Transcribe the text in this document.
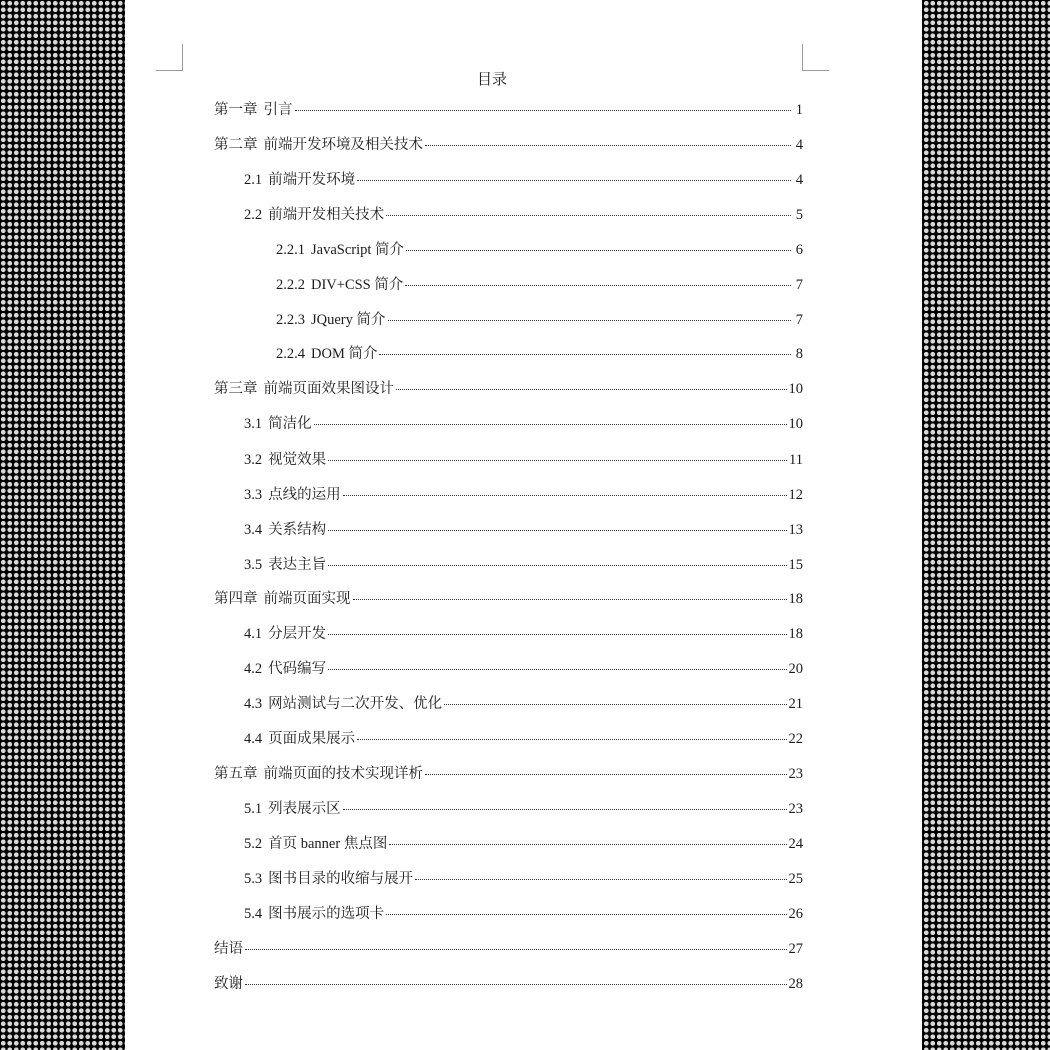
目录
第一章 引言	1
第二章 前端开发环境及相关技术	4
2.1 前端开发环境	4
2.2 前端开发相关技术	5
2.2.1 JavaScript 简介	6
2.2.2 DIV+CSS 简介	7
2.2.3 JQuery 简介	7
2.2.4 DOM 简介	8
第三章 前端页面效果图设计	10
3.1 简洁化	10
3.2 视觉效果	11
3.3 点线的运用	12
3.4 关系结构	13
3.5 表达主旨	15
第四章 前端页面实现	18
4.1 分层开发	18
4.2 代码编写	20
4.3 网站测试与二次开发、优化	21
4.4 页面成果展示	22
第五章 前端页面的技术实现详析	23
5.1 列表展示区	23
5.2 首页 banner 焦点图	24
5.3 图书目录的收缩与展开	25
5.4 图书展示的选项卡	26
结语	27
致谢	28
